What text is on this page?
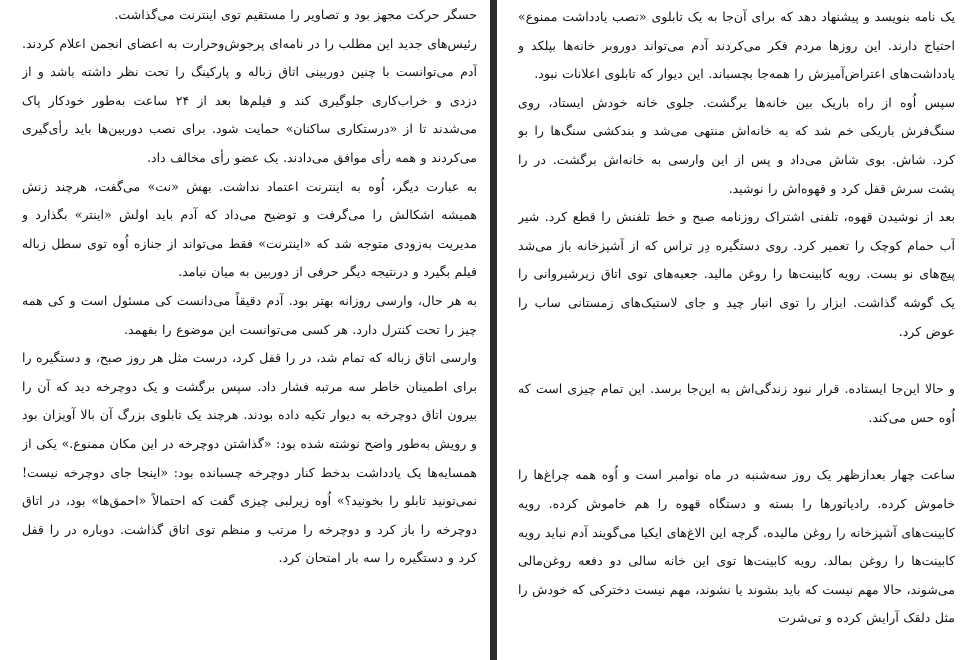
حسگر حرکت مجهز بود و تصاویر را مستقیم توی اینترنت می‌گذاشت.

رئیس‌های جدید این مطلب را در نامه‌ای پرجوش‌وحرارت به اعضای انجمن اعلام کردند. آدم می‌توانست با چنین دوربینی اتاق زباله و پارکینگ را تحت نظر داشته باشد و از دزدی و خراب‌کاری جلوگیری کند و فیلم‌ها بعد از ۲۴ ساعت به‌طور خودکار پاک می‌شدند تا از «درستکاری ساکنان» حمایت شود. برای نصب دوربین‌ها باید رأی‌گیری می‌کردند و همه رأی موافق می‌دادند. یک عضو رأی مخالف داد.

به عبارت دیگر، اُوه به اینترنت اعتماد نداشت. بهش «نت» می‌گفت، هرچند زنش همیشه اشکالش را می‌گرفت و توضیح می‌داد که آدم باید اولش «اینتر» بگذارد و مدیریت به‌زودی متوجه شد که «اینترنت» فقط می‌تواند از جنازه اُوه توی سطل زباله فیلم بگیرد و درنتیجه دیگر حرفی از دوربین به میان نیامد.

به هر حال، وارسی روزانه بهتر بود. آدم دقیقاً می‌دانست کی مسئول است و کی همه چیز را تحت کنترل دارد. هر کسی می‌توانست این موضوع را بفهمد.

وارسی اتاق زباله که تمام شد، در را قفل کرد، درست مثل هر روز صبح، و دستگیره را برای اطمینان خاطر سه مرتبه فشار داد. سپس برگشت و یک دوچرخه دید که آن را بیرون اتاق دوچرخه به دیوار تکیه داده بودند. هرچند یک تابلوی بزرگ آن بالا آویزان بود و رویش به‌طور واضح نوشته شده بود: «گذاشتن دوچرخه در این مکان ممنوع.» یکی از همسایه‌ها یک یادداشت بدخط کنار دوچرخه چسبانده بود: «اینجا جای دوچرخه نیست! نمی‌تونید تابلو را بخونید؟» اُوه زیرلبی چیزی گفت که احتمالاً «احمق‌ها» بود، در اتاق دوچرخه را باز کرد و دوچرخه را مرتب و منظم توی اتاق گذاشت. دوباره در را قفل کرد و دستگیره را سه بار امتحان کرد.

یک نامه بنویسد و پیشنهاد دهد که برای آن‌جا به یک تابلوی «نصب یادداشت ممنوع» احتیاج دارند. این روزها مردم فکر می‌کردند آدم می‌تواند دوروبر خانه‌ها بپلکد و یادداشت‌های اعتراض‌آمیزش را همه‌جا بچسباند. این دیوار که تابلوی اعلانات نبود.

سپس اُوه از راه باریک بین خانه‌ها برگشت. جلوی خانه خودش ایستاد، روی سنگ‌فرش باریکی خم شد که به خانه‌اش منتهی می‌شد و بندکشی سنگ‌ها را بو کرد. شاش. بوی شاش می‌داد و پس از این وارسی به خانه‌اش برگشت. در را پشت سرش قفل کرد و قهوه‌اش را نوشید.

بعد از نوشیدن قهوه، تلفنی اشتراک روزنامه صبح و خط تلفنش را قطع کرد. شیر آب حمام کوچک را تعمیر کرد. روی دستگیره دِر تراس که از آشپزخانه باز می‌شد پیچ‌های نو بست. رویه کابینت‌ها را روغن مالید. جعبه‌های توی اتاق زیرشیروانی را یک گوشه گذاشت. ابزار را توی انبار چید و جای لاستیک‌های زمستانی ساب را عوض کرد.

و حالا این‌جا ایستاده. قرار نبود زندگی‌اش به این‌جا برسد. این تمام چیزی است که اُوه حس می‌کند.

ساعت چهار بعدازظهر یک روز سه‌شنبه در ماه نوامبر است و اُوه همه چراغ‌ها را خاموش کرده. رادیاتورها را بسته و دستگاه قهوه را هم خاموش کرده. رویه کابینت‌های آشپزخانه را روغن مالیده. گرچه این الاغ‌های ایکیا می‌گویند آدم نباید رویه کابینت‌ها را روغن بمالد. رویه کابینت‌ها توی این خانه سالی دو دفعه روغن‌مالی می‌شوند، حالا مهم نیست که باید بشوند یا نشوند، مهم نیست دخترکی که خودش را مثل دلقک آرایش کرده و تی‌شرت
